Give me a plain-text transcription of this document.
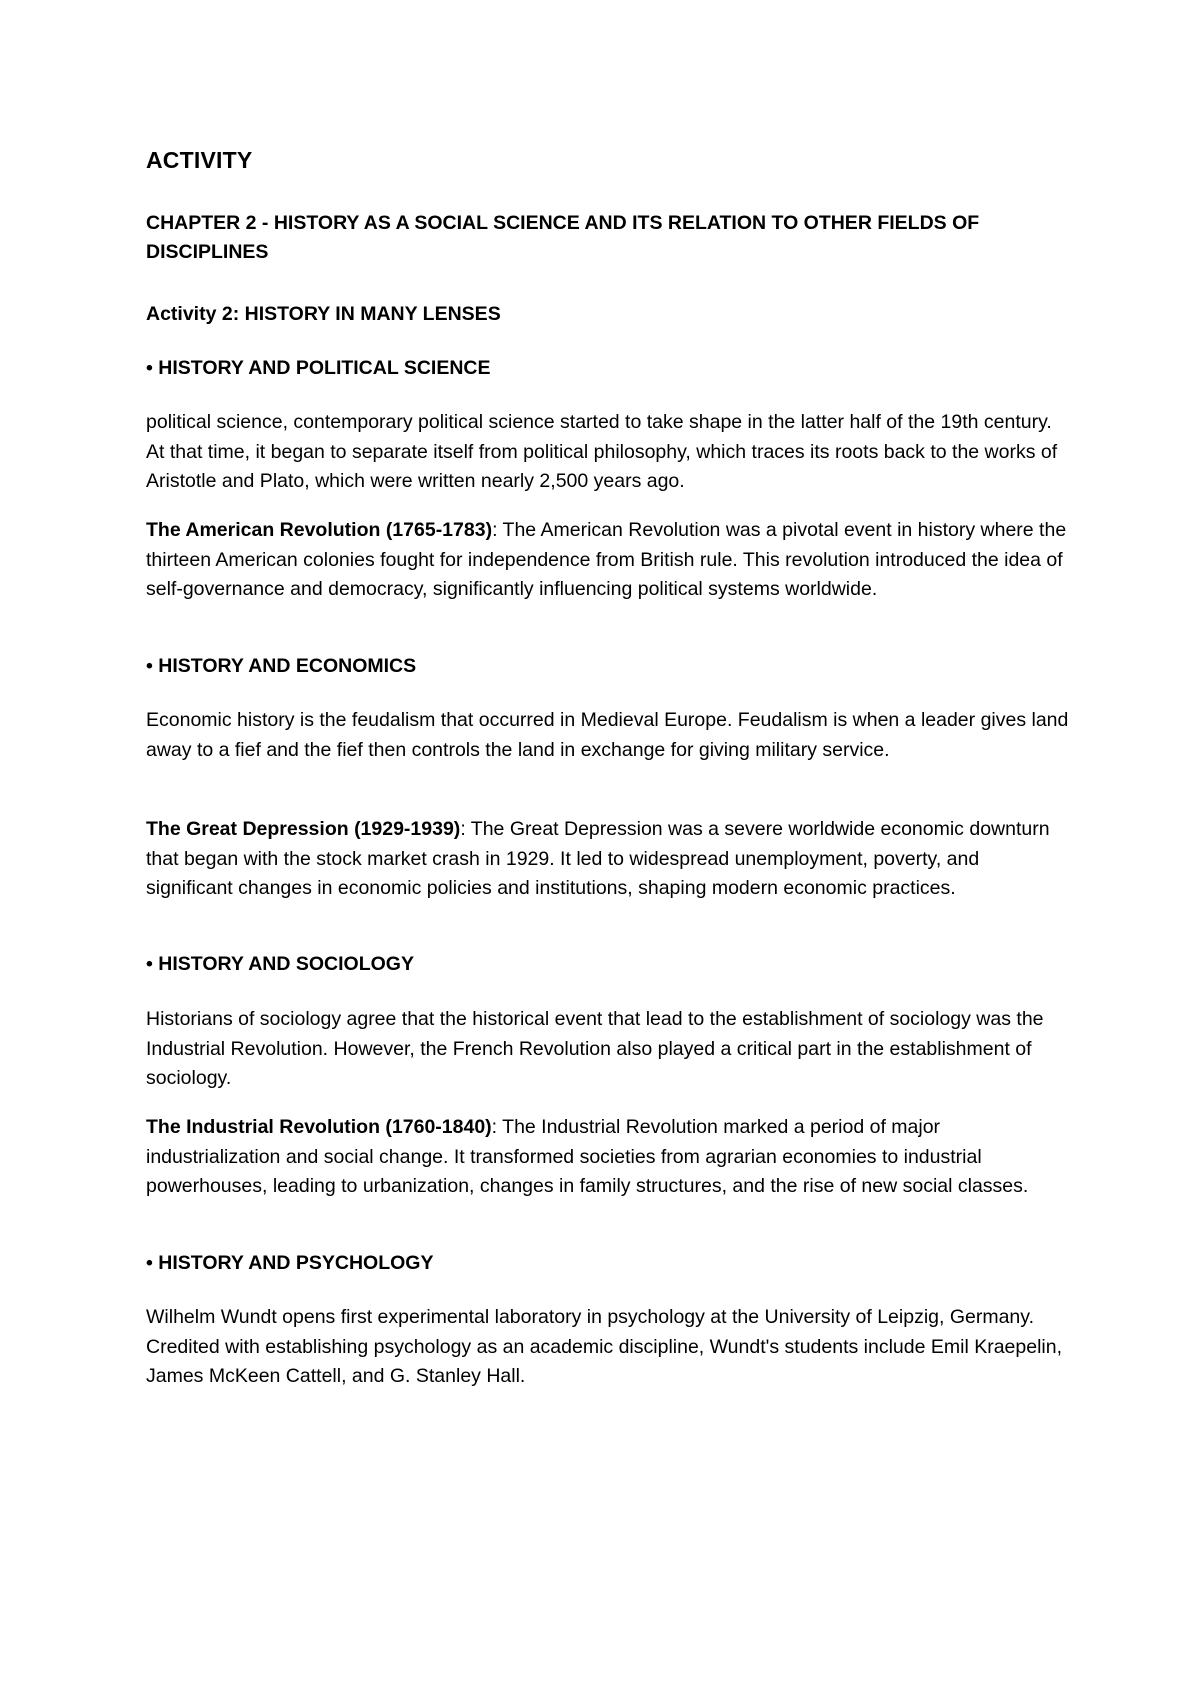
ACTIVITY
CHAPTER 2 - HISTORY AS A SOCIAL SCIENCE AND ITS RELATION TO OTHER FIELDS OF DISCIPLINES

Activity 2: HISTORY IN MANY LENSES

• HISTORY AND POLITICAL SCIENCE

political science, contemporary political science started to take shape in the latter half of the 19th century. At that time, it began to separate itself from political philosophy, which traces its roots back to the works of Aristotle and Plato, which were written nearly 2,500 years ago.

The American Revolution (1765-1783): The American Revolution was a pivotal event in history where the thirteen American colonies fought for independence from British rule. This revolution introduced the idea of self-governance and democracy, significantly influencing political systems worldwide.

• HISTORY AND ECONOMICS

Economic history is the feudalism that occurred in Medieval Europe. Feudalism is when a leader gives land away to a fief and the fief then controls the land in exchange for giving military service.

The Great Depression (1929-1939): The Great Depression was a severe worldwide economic downturn that began with the stock market crash in 1929. It led to widespread unemployment, poverty, and significant changes in economic policies and institutions, shaping modern economic practices.

• HISTORY AND SOCIOLOGY

Historians of sociology agree that the historical event that lead to the establishment of sociology was the Industrial Revolution. However, the French Revolution also played a critical part in the establishment of sociology.

The Industrial Revolution (1760-1840): The Industrial Revolution marked a period of major industrialization and social change. It transformed societies from agrarian economies to industrial powerhouses, leading to urbanization, changes in family structures, and the rise of new social classes.

• HISTORY AND PSYCHOLOGY

Wilhelm Wundt opens first experimental laboratory in psychology at the University of Leipzig, Germany. Credited with establishing psychology as an academic discipline, Wundt's students include Emil Kraepelin, James McKeen Cattell, and G. Stanley Hall.
